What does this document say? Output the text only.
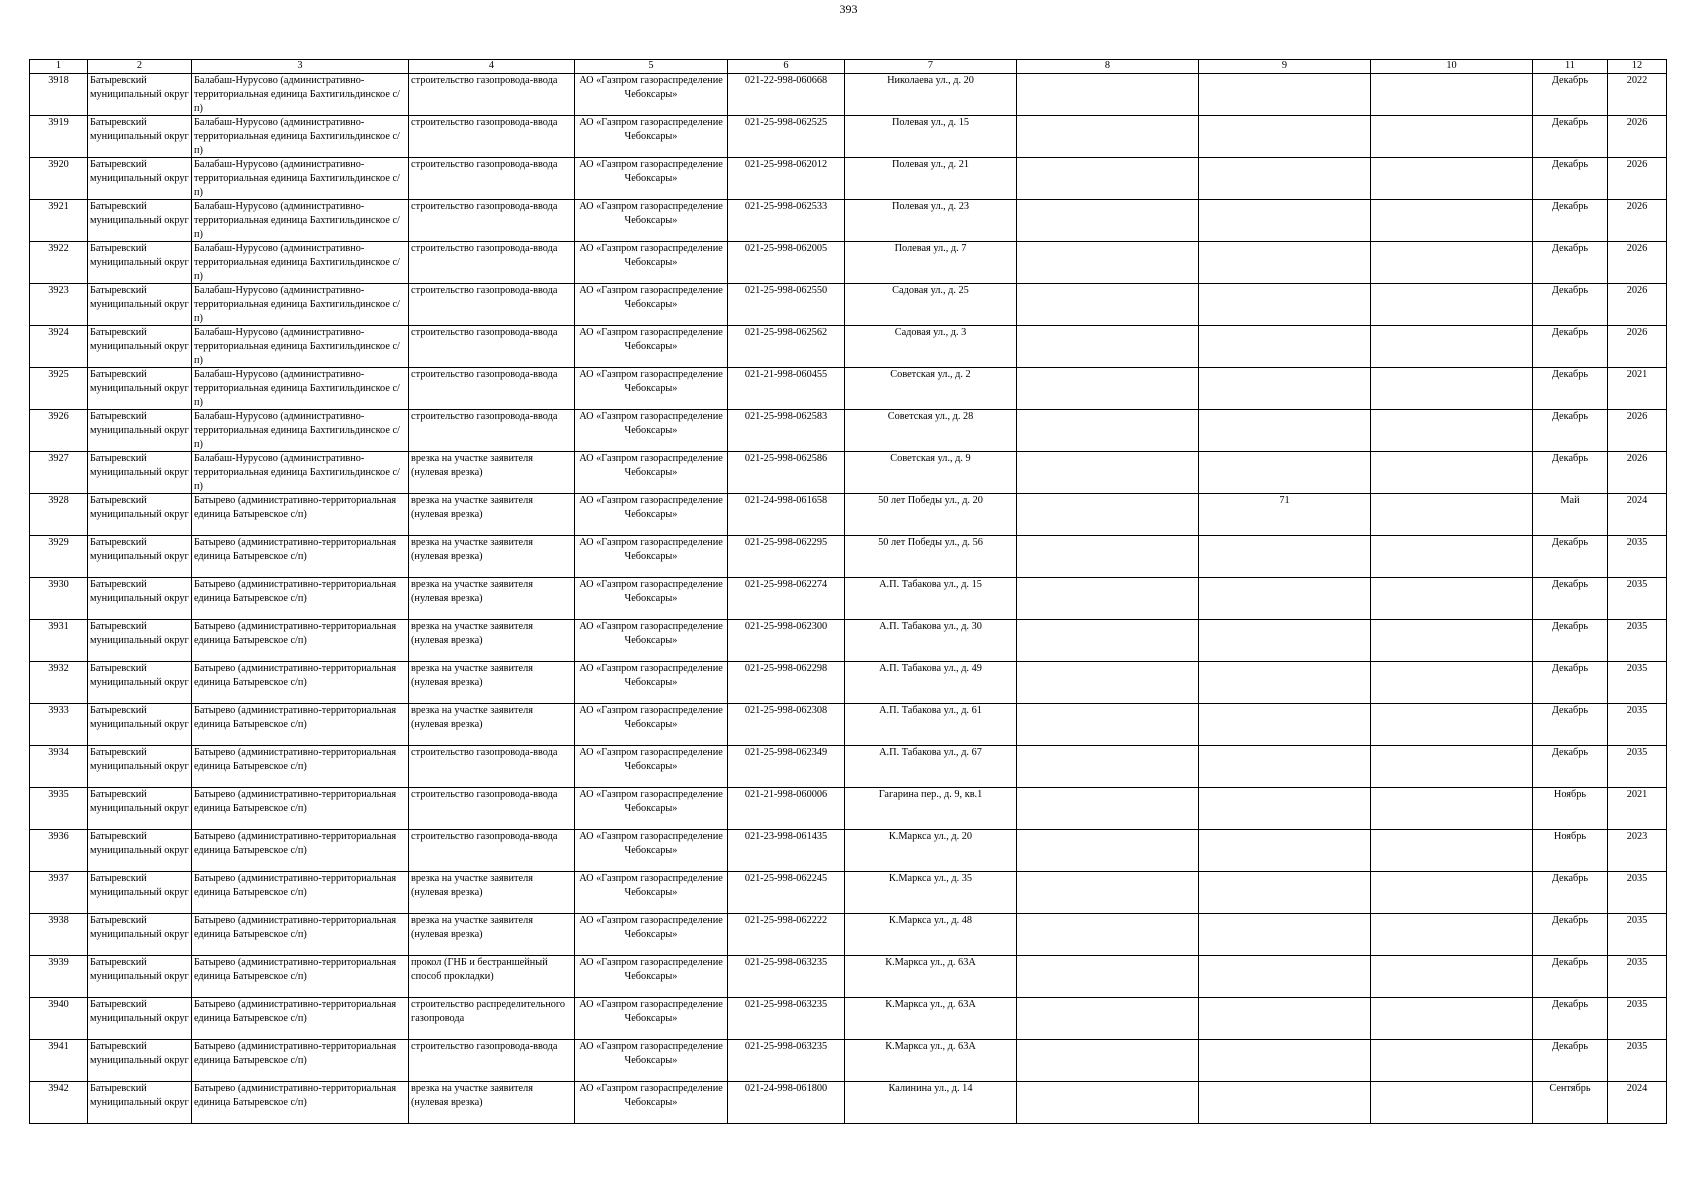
393
1	2	3	4	5	6	7	8	9	10	11	12

3918	Батыревский муниципальный округ	Балабаш-Нурусово (административно-территориальная единица Бахтигильдинское с/п)	строительство газопровода-ввода	АО «Газпром газораспределение Чебоксары»	021-22-998-060668	Николаева ул., д. 20				Декабрь	2022

3919	Батыревский муниципальный округ	Балабаш-Нурусово (административно-территориальная единица Бахтигильдинское с/п)	строительство газопровода-ввода	АО «Газпром газораспределение Чебоксары»	021-25-998-062525	Полевая ул., д. 15				Декабрь	2026

3920	Батыревский муниципальный округ	Балабаш-Нурусово (административно-территориальная единица Бахтигильдинское с/п)	строительство газопровода-ввода	АО «Газпром газораспределение Чебоксары»	021-25-998-062012	Полевая ул., д. 21				Декабрь	2026

3921	Батыревский муниципальный округ	Балабаш-Нурусово (административно-территориальная единица Бахтигильдинское с/п)	строительство газопровода-ввода	АО «Газпром газораспределение Чебоксары»	021-25-998-062533	Полевая ул., д. 23				Декабрь	2026

3922	Батыревский муниципальный округ	Балабаш-Нурусово (административно-территориальная единица Бахтигильдинское с/п)	строительство газопровода-ввода	АО «Газпром газораспределение Чебоксары»	021-25-998-062005	Полевая ул., д. 7				Декабрь	2026

3923	Батыревский муниципальный округ	Балабаш-Нурусово (административно-территориальная единица Бахтигильдинское с/п)	строительство газопровода-ввода	АО «Газпром газораспределение Чебоксары»	021-25-998-062550	Садовая ул., д. 25				Декабрь	2026

3924	Батыревский муниципальный округ	Балабаш-Нурусово (административно-территориальная единица Бахтигильдинское с/п)	строительство газопровода-ввода	АО «Газпром газораспределение Чебоксары»	021-25-998-062562	Садовая ул., д. 3				Декабрь	2026

3925	Батыревский муниципальный округ	Балабаш-Нурусово (административно-территориальная единица Бахтигильдинское с/п)	строительство газопровода-ввода	АО «Газпром газораспределение Чебоксары»	021-21-998-060455	Советская ул., д. 2				Декабрь	2021

3926	Батыревский муниципальный округ	Балабаш-Нурусово (административно-территориальная единица Бахтигильдинское с/п)	строительство газопровода-ввода	АО «Газпром газораспределение Чебоксары»	021-25-998-062583	Советская ул., д. 28				Декабрь	2026

3927	Батыревский муниципальный округ	Балабаш-Нурусово (административно-территориальная единица Бахтигильдинское с/п)	врезка на участке заявителя (нулевая врезка)	АО «Газпром газораспределение Чебоксары»	021-25-998-062586	Советская ул., д. 9				Декабрь	2026

3928	Батыревский муниципальный округ	Батырево (административно-территориальная единица Батыревское с/п)	врезка на участке заявителя (нулевая врезка)	АО «Газпром газораспределение Чебоксары»	021-24-998-061658	50 лет Победы ул., д. 20		71		Май	2024

3929	Батыревский муниципальный округ	Батырево (административно-территориальная единица Батыревское с/п)	врезка на участке заявителя (нулевая врезка)	АО «Газпром газораспределение Чебоксары»	021-25-998-062295	50 лет Победы ул., д. 56				Декабрь	2035

3930	Батыревский муниципальный округ	Батырево (административно-территориальная единица Батыревское с/п)	врезка на участке заявителя (нулевая врезка)	АО «Газпром газораспределение Чебоксары»	021-25-998-062274	А.П. Табакова ул., д. 15				Декабрь	2035

3931	Батыревский муниципальный округ	Батырево (административно-территориальная единица Батыревское с/п)	врезка на участке заявителя (нулевая врезка)	АО «Газпром газораспределение Чебоксары»	021-25-998-062300	А.П. Табакова ул., д. 30				Декабрь	2035

3932	Батыревский муниципальный округ	Батырево (административно-территориальная единица Батыревское с/п)	врезка на участке заявителя (нулевая врезка)	АО «Газпром газораспределение Чебоксары»	021-25-998-062298	А.П. Табакова ул., д. 49				Декабрь	2035

3933	Батыревский муниципальный округ	Батырево (административно-территориальная единица Батыревское с/п)	врезка на участке заявителя (нулевая врезка)	АО «Газпром газораспределение Чебоксары»	021-25-998-062308	А.П. Табакова ул., д. 61				Декабрь	2035

3934	Батыревский муниципальный округ	Батырево (административно-территориальная единица Батыревское с/п)	строительство газопровода-ввода	АО «Газпром газораспределение Чебоксары»	021-25-998-062349	А.П. Табакова ул., д. 67				Декабрь	2035

3935	Батыревский муниципальный округ	Батырево (административно-территориальная единица Батыревское с/п)	строительство газопровода-ввода	АО «Газпром газораспределение Чебоксары»	021-21-998-060006	Гагарина пер., д. 9, кв.1				Ноябрь	2021

3936	Батыревский муниципальный округ	Батырево (административно-территориальная единица Батыревское с/п)	строительство газопровода-ввода	АО «Газпром газораспределение Чебоксары»	021-23-998-061435	К.Маркса ул., д. 20				Ноябрь	2023

3937	Батыревский муниципальный округ	Батырево (административно-территориальная единица Батыревское с/п)	врезка на участке заявителя (нулевая врезка)	АО «Газпром газораспределение Чебоксары»	021-25-998-062245	К.Маркса ул., д. 35				Декабрь	2035

3938	Батыревский муниципальный округ	Батырево (административно-территориальная единица Батыревское с/п)	врезка на участке заявителя (нулевая врезка)	АО «Газпром газораспределение Чебоксары»	021-25-998-062222	К.Маркса ул., д. 48				Декабрь	2035

3939	Батыревский муниципальный округ	Батырево (административно-территориальная единица Батыревское с/п)	прокол (ГНБ и бестраншейный способ прокладки)	АО «Газпром газораспределение Чебоксары»	021-25-998-063235	К.Маркса ул., д. 63А				Декабрь	2035

3940	Батыревский муниципальный округ	Батырево (административно-территориальная единица Батыревское с/п)	строительство распределительного газопровода	АО «Газпром газораспределение Чебоксары»	021-25-998-063235	К.Маркса ул., д. 63А				Декабрь	2035

3941	Батыревский муниципальный округ	Батырево (административно-территориальная единица Батыревское с/п)	строительство газопровода-ввода	АО «Газпром газораспределение Чебоксары»	021-25-998-063235	К.Маркса ул., д. 63А				Декабрь	2035

3942	Батыревский муниципальный округ	Батырево (административно-территориальная единица Батыревское с/п)	врезка на участке заявителя (нулевая врезка)	АО «Газпром газораспределение Чебоксары»	021-24-998-061800	Калинина ул., д. 14				Сентябрь	2024
